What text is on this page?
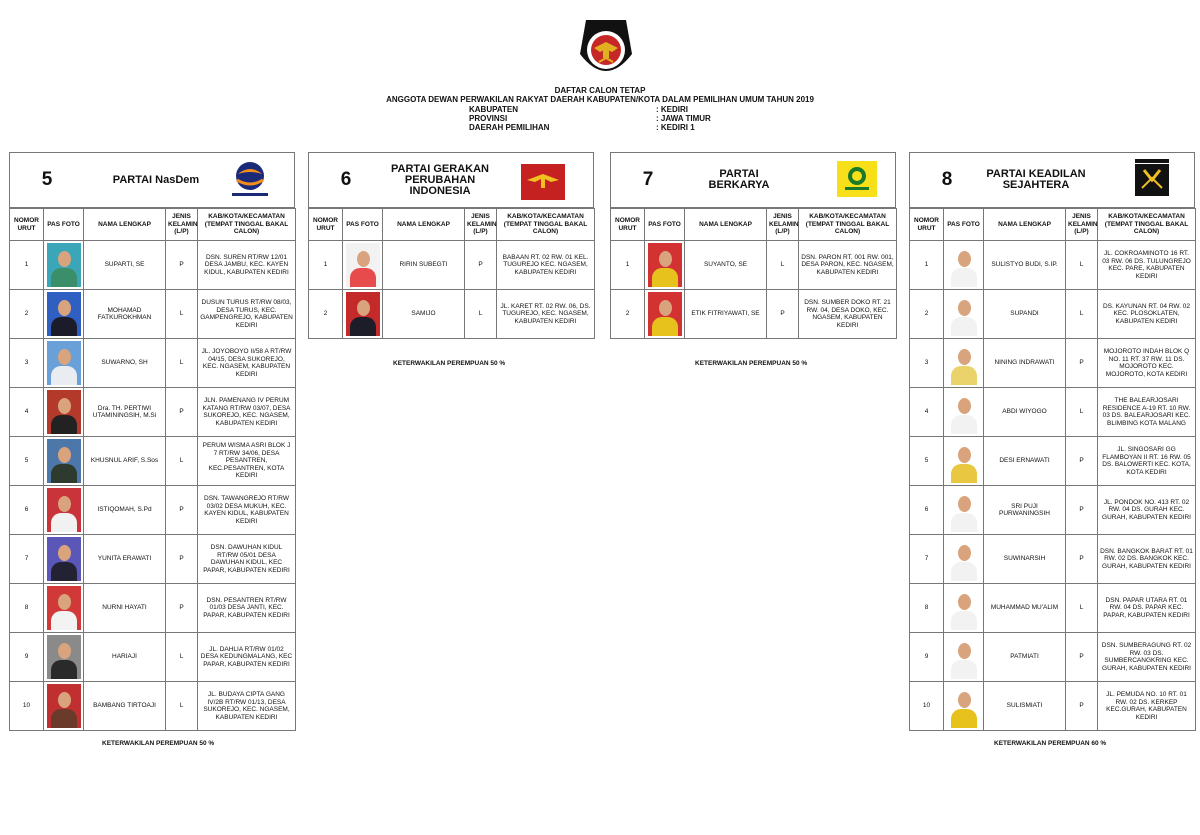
DAFTAR CALON TETAP
ANGGOTA DEWAN PERWAKILAN RAKYAT DAERAH KABUPATEN/KOTA DALAM PEMILIHAN UMUM TAHUN 2019
KABUPATEN	: KEDIRI
PROVINSI	: JAWA TIMUR
DAERAH PEMILIHAN	: KEDIRI 1
5	PARTAI NasDem
NOMOR URUT	PAS FOTO	NAMA LENGKAP	JENIS KELAMIN (L/P)	KAB/KOTA/KECAMATAN (TEMPAT TINGGAL BAKAL CALON)
1		SUPARTI, SE	P	DSN. SUREN RT/RW 12/01 DESA JAMBU, KEC. KAYEN KIDUL, KABUPATEN KEDIRI
2		MOHAMAD FATKUROKHMAN	L	DUSUN TURUS RT/RW 08/03, DESA TURUS, KEC. GAMPENGREJO, KABUPATEN KEDIRI
3		SUWARNO, SH	L	JL. JOYOBOYO II/58 A RT/RW 04/15, DESA SUKOREJO, KEC. NGASEM, KABUPATEN KEDIRI
4		Dra. TH. PERTIWI UTAMININGSIH, M.Si	P	JLN. PAMENANG IV PERUM KATANG RT/RW 03/07, DESA SUKOREJO, KEC. NGASEM, KABUPATEN KEDIRI
5		KHUSNUL ARIF, S.Sos	L	PERUM WISMA ASRI BLOK J 7 RT/RW 34/06, DESA PESANTREN, KEC.PESANTREN, KOTA KEDIRI
6		ISTIQOMAH, S.Pd	P	DSN. TAWANGREJO RT/RW 03/02 DESA MUKUH, KEC. KAYEN KIDUL, KABUPATEN KEDIRI
7		YUNITA ERAWATI	P	DSN. DAWUHAN KIDUL RT/RW 05/01 DESA DAWUHAN KIDUL, KEC PAPAR, KABUPATEN KEDIRI
8		NURNI HAYATI	P	DSN. PESANTREN RT/RW 01/03 DESA JANTI, KEC. PAPAR, KABUPATEN KEDIRI
9		HARIAJI	L	JL. DAHLIA RT/RW 01/02 DESA KEDUNGMALANG, KEC PAPAR, KABUPATEN KEDIRI
10		BAMBANG TIRTOAJI	L	JL. BUDAYA CIPTA GANG IV/2B RT/RW 01/13, DESA SUKOREJO, KEC. NGASEM, KABUPATEN KEDIRI
KETERWAKILAN PEREMPUAN 50 %
6
PARTAI GERAKAN PERUBAHAN INDONESIA
NOMOR URUT	PAS FOTO	NAMA LENGKAP	JENIS KELAMIN (L/P)	KAB/KOTA/KECAMATAN (TEMPAT TINGGAL BAKAL CALON)
1		RIRIN SUBEGTI	P	BABAAN RT. 02 RW. 01 KEL. TUGUREJO KEC. NGASEM, KABUPATEN KEDIRI
2		SAMIJO	L	JL. KARET RT. 02 RW. 06, DS. TUGUREJO, KEC. NGASEM, KABUPATEN KEDIRI
KETERWAKILAN PEREMPUAN 50 %
7	PARTAI BERKARYA
NOMOR URUT	PAS FOTO	NAMA LENGKAP	JENIS KELAMIN (L/P)	KAB/KOTA/KECAMATAN (TEMPAT TINGGAL BAKAL CALON)
1		SUYANTO, SE	L	DSN. PARON RT. 001 RW. 001, DESA PARON, KEC. NGASEM, KABUPATEN KEDIRI
2		ETIK FITRIYAWATI, SE	P	DSN. SUMBER DOKO RT. 21 RW. 04, DESA DOKO, KEC. NGASEM, KABUPATEN KEDIRI
KETERWAKILAN PEREMPUAN 50 %
8	PARTAI KEADILAN SEJAHTERA
NOMOR URUT	PAS FOTO	NAMA LENGKAP	JENIS KELAMIN (L/P)	KAB/KOTA/KECAMATAN (TEMPAT TINGGAL BAKAL CALON)
1		SULISTYO BUDI, S.IP.	L	JL. COKROAMINOTO 16 RT. 03 RW. 06 DS. TULUNGREJO KEC. PARE, KABUPATEN KEDIRI
2		SUPANDI	L	DS. KAYUNAN RT. 04 RW. 02 KEC. PLOSOKLATEN, KABUPATEN KEDIRI
3		NINING INDRAWATI	P	MOJOROTO INDAH BLOK Q NO. 11 RT. 37 RW. 11 DS. MOJOROTO KEC. MOJOROTO, KOTA KEDIRI
4		ABDI WIYOGO	L	THE BALEARJOSARI RESIDENCE A-19 RT. 10 RW. 03 DS. BALEARJOSARI KEC. BLIMBING KOTA MALANG
5		DESI ERNAWATI	P	JL. SINGOSARI GG FLAMBOYAN II RT. 16 RW. 05 DS. BALOWERTI KEC. KOTA, KOTA KEDIRI
6		SRI PUJI PURWANINGSIH	P	JL. PONDOK NO. 413 RT. 02 RW. 04 DS. GURAH KEC. GURAH, KABUPATEN KEDIRI
7		SUWINARSIH	P	DSN. BANGKOK BARAT RT. 01 RW. 02 DS. BANGKOK KEC. GURAH, KABUPATEN KEDIRI
8		MUHAMMAD MU'ALIM	L	DSN. PAPAR UTARA RT. 01 RW. 04 DS. PAPAR KEC. PAPAR, KABUPATEN KEDIRI
9		PATMIATI	P	DSN. SUMBERAGUNG RT. 02 RW. 03 DS. SUMBERCANGKRING KEC. GURAH, KABUPATEN KEDIRI
10		SULISMIATI	P	JL. PEMUDA NO. 10 RT. 01 RW. 02 DS. KERKEP KEC.GURAH, KABUPATEN KEDIRI
KETERWAKILAN PEREMPUAN 60 %
